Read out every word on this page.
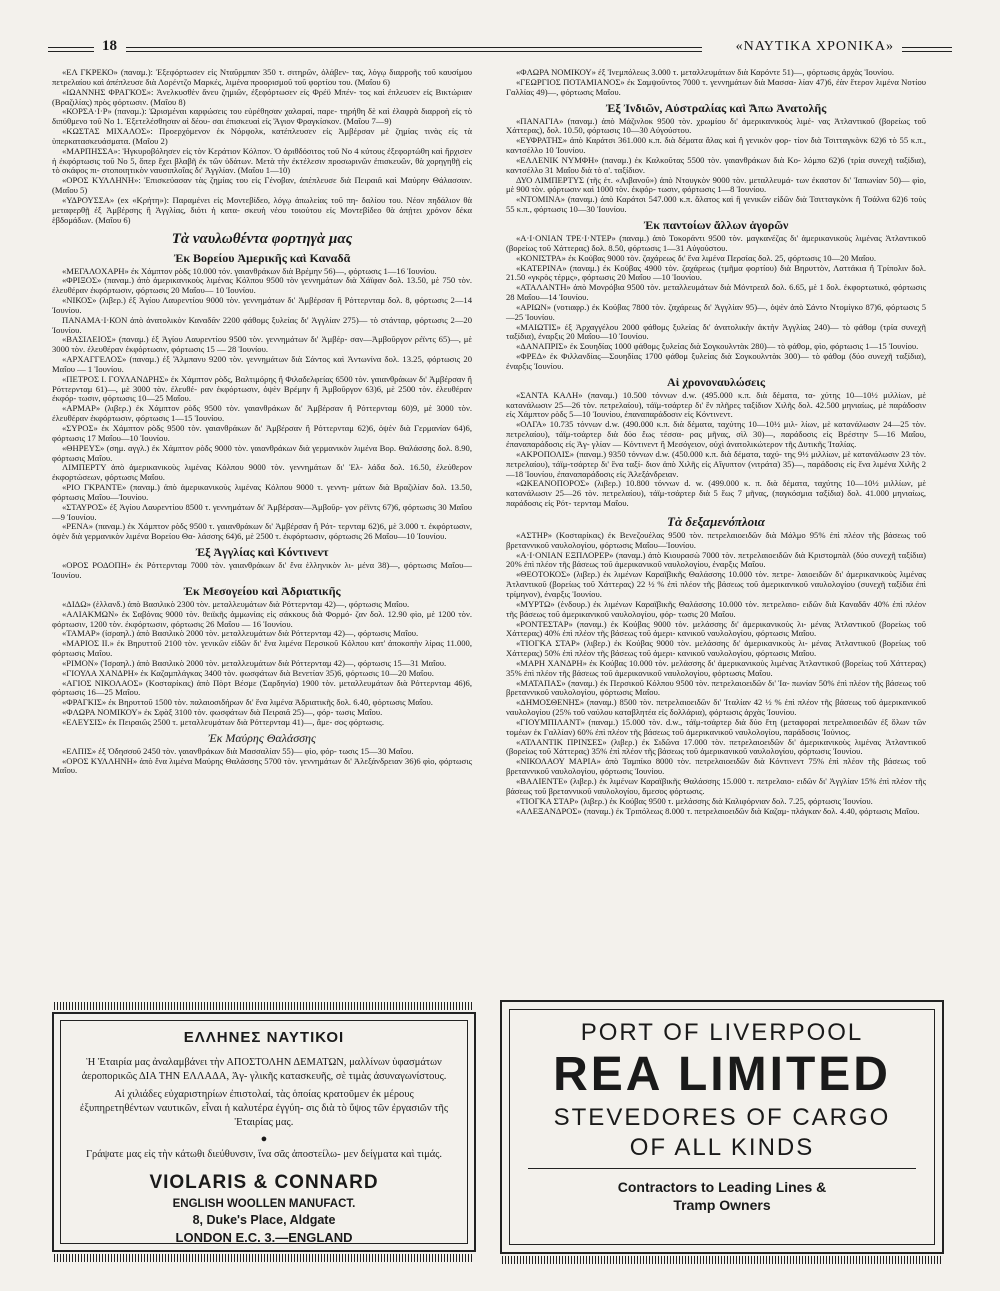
18	«ΝΑΥΤΙΚΑ ΧΡΟΝΙΚΑ»

«ΕΛ ΓΚΡΕΚΟ» (παναμ.): Ἐξεφόρτωσεν εἰς Νταῦρμπαν 350 τ. σιτηρῶν, ὁλάβεν- τας, λόγῳ διαρροῆς τοῦ καυσίμου πετρελαίου καὶ ἀπέπλευσε διὰ Λορέντζο Μαρκές, λιμένα προορισμοῦ τοῦ φορτίου του. (Μαΐου 6)

«ΙΩΑΝΝΗΣ ΦΡΑΓΚΟΣ»: Ἀνελκυσθὲν ἄνευ ζημιῶν, ἐξεφόρτωσεν εἰς Φρέϋ Μπέν- τος καὶ ἐπλευσεν εἰς Βικτώριαν (Βραζιλίας) πρὸς φόρτωσιν. (Μαΐου 8)

«ΚΟΡΣΑ·Ι·Ρ» (παναμ.): Ὡρισμέναι καρφώσεις του εὑρέθησαν χαλαραί, παρε- τηρήθη δὲ καὶ ἐλαφρὰ διαρροὴ εἰς τὸ διπύθμενο τοῦ Νο 1. Ἐξετελέσθησαν αἱ δέου- σαι ἐπισκευαὶ εἰς Ἅγιον Φραγκίσκον. (Μαΐου 7—9)

«ΚΩΣΤΑΣ ΜΙΧΑΛΟΣ»: Προερχόμενον ἐκ Νόρφολκ, κατέπλευσεν εἰς Ἀμβέρσαν μὲ ζημίας τινὰς εἰς τὰ ὑπερκατασκευάσματα. (Μαΐου 2)

«ΜΑΡΠΗΣΣΑ»: Ἠγκυροβόλησεν εἰς τὸν Κεράτιον Κόλπον. Ὁ ἀριθδόσιτος τοῦ Νο 4 κύτους ἐξεφορτώθη καὶ ἤρχισεν ἡ ἐκφόρτωσις τοῦ Νο 5, ὅπερ ἔχει βλαβῆ ἐκ τῶν ὑδάτων. Μετὰ τὴν ἐκτέλεσιν προσωρινῶν ἐπισκευῶν, θὰ χορηγηθῇ εἰς τὸ σκάφος πι- στοποιητικὸν ναυσιπλοΐας δι' Ἀγγλίαν. (Μαΐου 1—10)

«ΟΡΟΣ ΚΥΛΛΗΝΗ»: Ἐπισκεύασαν τὰς ζημίας του εἰς Γένοβαν, ἀπέπλευσε διὰ Πειραιᾶ καὶ Μαύρην Θάλασσαν. (Μαΐου 5)

«ΥΔΡΟΥΣΣΑ» (ex «Κρήτη»): Παραμένει εἰς Μοντεβίδεο, λόγῳ ἀπωλείας τοῦ πη- δαλίου του. Νέον πηδάλιον θὰ μεταφερθῇ ἐξ Ἀμβέρσης ἢ Ἀγγλίας, διότι ἡ κατα- σκευὴ νέου τοιούτου εἰς Μοντεβίδεο θὰ ἀπῄτει χρόνον δέκα ἑβδομάδων. (Μαΐου 6)

Τὰ ναυλωθέντα φορτηγὰ μας
Ἐκ Βορείου Ἀμερικῆς καὶ Καναδᾶ

«ΜΕΓΑΛΟΧΑΡΗ» ἐκ Χάμπτον ρὸδς 10.000 τόν. γαιανθράκων διὰ Βρέμην 56)—, φόρτωσις 1—16 Ἰουνίου.

«ΦΡΙΞΟΣ» (παναμ.) ἀπὸ ἀμερικανικοὺς λιμένας Κόλπου 9500 τὸν γεννημάτων διὰ Χάϊφαν δολ. 13.50, μὲ 750 τὸν. ἐλευθέραν ἐκφόρτωσιν, φόρτωσις 20 Μαΐου— 10 Ἰουνίου.

«ΝΙΚΟΣ» (λιβερ.) ἐξ Ἁγίου Λαυρεντίου 9000 τὸν. γεννημάτων δι' Ἀμβέρσαν ἢ Ρόττερνταμ δολ. 8, φόρτωσις 2—14 Ἰουνίου.

ΠΑΝΑΜΑ·Ι·ΚΟΝ ἀπὸ ἀνατολικὸν Καναδᾶν 2200 φάθομς ξυλείας δι' Ἀγγλίαν 275)— τὸ στάνταρ, φόρτωσις 2—20 Ἰουνίου.

«ΒΑΣΙΛΕΙΟΣ» (παναμ.) ἐξ Ἁγίου Λαυρεντίου 9500 τὸν. γεννημάτων δι' Ἀμβέρ- σαν—Ἀμβοῦργον ρέϊντς 65)—, μὲ 3000 τὸν. ἐλευθέραν ἐκφόρτωσιν, φόρτωσις 15 — 28 Ἰουνίου.

«ΑΡΧΑΓΓΕΛΟΣ» (παναμ.) ἐξ Ἅλμπανυ 9200 τὸν. γεννημάτων διὰ Σάντος καὶ Ἀντωνίνα δολ. 13.25, φόρτωσις 20 Μαΐου — 1 Ἰουνίου.

«ΠΕΤΡΟΣ Ι. ΓΟΥΛΑΝΔΡΗΣ» ἐκ Χάμπτον ρὸδς, Βαλτιμόρης ἢ Φιλαδελφείας 6500 τὸν. γαιανθράκων δι' Ἀμβέρσαν ἢ Ρόττερνταμ 61)—, μὲ 3000 τὸν. ἐλευθέ- ραν ἐκφόρτωσιν, ὀψὲν Βρέμην ἢ Ἀμβοῦργον 63)6, μὲ 2500 τὸν. ἐλευθέραν ἐκφόρ- τωσιν, φόρτωσις 10—25 Μαΐου.

«ΑΡΜΑΡ» (λιβερ.) ἐκ Χάμπτον ρὸδς 9500 τὸν. γαιανθράκων δι' Ἀμβέρσαν ἢ Ρόττερνταμ 60)9, μὲ 3000 τὸν. ἐλευθέραν ἐκφόρτωσιν, φόρτωσις 1—15 Ἰουνίου.

«ΣΥΡΟΣ» ἐκ Χάμπτον ρὸδς 9500 τὸν. γαιανθράκων δι' Ἀμβέρσαν ἢ Ρόττερνταμ 62)6, ὀψὲν διὰ Γερμανίαν 64)6, φόρτωσις 17 Μαΐου—10 Ἰουνίου.

«ΘΗΡΕΥΣ» (σημ. αγγλ.) ἐκ Χάμπτον ρὸδς 9000 τὸν. γαιανθράκων διὰ γερμανικὸν λιμένα Βορ. Θαλάσσης δολ. 8.90, φόρτωσις Μαΐου.

ΛΙΜΠΕΡΤΥ ἀπὸ ἀμερικανικοὺς λιμένας Κόλπου 9000 τὸν. γεννημάτων δι' Ἑλ- λάδα δολ. 16.50, ἐλεύθερον ἐκφορτώσεων, φόρτωσις Μαΐου.

«ΡΙΟ ΓΚΡΑΝΤΕ» (παναμ.) ἀπὸ ἀμερικανικοὺς λιμένας Κόλπου 9000 τ. γεννη- μάτων διὰ Βραζιλίαν δολ. 13.50, φόρτωσις Μαΐου—Ἰουνίου.

«ΣΤΑΥΡΟΣ» ἐξ Ἁγίου Λαυρεντίου 8500 τ. γεννημάτων δι' Ἀμβέρσαν—Ἀμβοῦρ- γον ρέϊντς 67)6, φόρτωσις 30 Μαΐου—9 Ἰουνίου.

«ΡΕΝΑ» (παναμ.) ἐκ Χάμπτον ρὸδς 9500 τ. γαιανθράκων δι' Ἀμβέρσαν ἢ Ρότ- τερνταμ 62)6, μὲ 3.000 τ. ἐκφόρτωσιν, ὀψὲν διὰ γερμανικὸν λιμένα Βορείου Θα- λάσσης 64)6, μὲ 2500 τ. ἐκφόρτωσιν, φόρτωσις 26 Μαΐου—10 Ἰουνίου.

Ἐξ Ἀγγλίας καὶ Κόντινεντ

«ΟΡΟΣ ΡΟΔΟΠΗ» ἐκ Ρόττερνταμ 7000 τὸν. γαιανθράκων δι' ἕνα ἑλληνικὸν λι- μένα 38)—, φόρτωσις Μαΐου—Ἰουνίου.

Ἐκ Μεσογείου καὶ Ἀδριατικῆς

«ΔΙΔΩ» (ἑλλανδ.) ἀπὸ Βασιλικὸ 2300 τὸν. μεταλλευμάτων διὰ Ρόττερνταμ 42)—, φόρτωσις Μαΐου.

«ΑΛΙΑΚΜΩΝ» ἐκ Σαβόνας 9000 τὸν. θειϊκῆς ἀμμωνίας εἰς σάκκους διὰ Φορμό- ζαν δολ. 12.90 φὶο, μὲ 1200 τὸν. φόρτωσιν, 1200 τὸν. ἐκφόρτωσιν, φόρτωσις 26 Μαΐου — 16 Ἰουνίου.

«ΤΑΜΑΡ» (ἰσραηλ.) ἀπὸ Βασιλικὸ 2000 τὸν. μεταλλευμάτων διὰ Ρόττερνταμ 42)—, φόρτωσις Μαΐου.

«ΜΑΡΙΟΣ ΙΙ.» ἐκ Βηρυττοῦ 2100 τὸν. γενικῶν εἰδῶν δι' ἕνα λιμένα Περσικοῦ Κόλπου κατ' ἀποκοπὴν λίρας 11.000, φόρτωσις Μαΐου.

«ΡΙΜΟΝ» (Ἰσραηλ.) ἀπὸ Βασιλικὸ 2000 τὸν. μεταλλευμάτων διὰ Ρόττερνταμ 42)—, φόρτωσις 15—31 Μαΐου.

«ΓΙΟΥΛΑ ΧΑΝΔΡΗ» ἐκ Καζαμπλάγκας 3400 τὸν. φωσφάτων διὰ Βενετίαν 35)6, φόρτωσις 10—20 Μαΐου.

«ΑΓΙΟΣ ΝΙΚΟΛΑΟΣ» (Κοσταρίκας) ἀπὸ Πὸρτ Βέσμε (Σαρδηνία) 1900 τὸν. μεταλλευμάτων διὰ Ρόττερνταμ 46)6, φόρτωσις 16—25 Μαΐου.

«ΦΡΑΓΚΙΣ» ἐκ Βηρυττοῦ 1500 τὸν. παλαιοσιδήρων δι' ἕνα λιμένα Ἀδριατικῆς δολ. 6.40, φόρτωσις Μαΐου.

«ΦΛΩΡΑ ΝΟΜΙΚΟΥ» ἐκ Σφὰξ 3100 τὸν. φωσφάτων διὰ Πειραιᾶ 25)—, φόρ- τωσις Μαΐου.

«ΕΛΕΥΣΙΣ» ἐκ Πειραιῶς 2500 τ. μεταλλευμάτων διὰ Ρόττερνταμ 41)—, ἄμε- σος φόρτωσις.

Ἐκ Μαύρης Θαλάσσης

«ΕΛΠΙΣ» ἐξ Ὀδησσοῦ 2450 τὸν. γαιανθράκων διὰ Μασσαλίαν 55)— φὶο, φόρ- τωσις 15—30 Μαΐου.

«ΟΡΟΣ ΚΥΛΛΗΝΗ» ἀπὸ ἕνα λιμένα Μαύρης Θαλάσσης 5700 τὸν. γεννημάτων δι' Ἀλεξάνδρειαν 36)6 φὶο, φόρτωσις Μαΐου.

«ΦΛΩΡΑ ΝΟΜΙΚΟΥ» ἐξ Ἰνεμπόλεως 3.000 τ. μεταλλευμάτων διὰ Καρόντε 51)—, φόρτωσις ἀρχὰς Ἰουνίου.

«ΓΕΩΡΓΙΟΣ ΠΟΤΑΜΙΑΝΟΣ» ἐκ Σαμψοῦντος 7000 τ. γεννημάτων διὰ Μασσα- λίαν 47)6, ἐὰν ἕτερον λιμένα Νοτίου Γαλλίας 49)—, φόρτωσις Μαΐου.

Ἐξ Ἰνδιῶν, Αὐστραλίας καὶ Ἄπω Ἀνατολῆς

«ΠΑΝΑΓΙΑ» (παναμ.) ἀπὸ Μάζινλοκ 9500 τὸν. χρωμίου δι' ἀμερικανικοὺς λιμέ- νας Ἀτλαντικοῦ (βορείως τοῦ Χάττερας), δολ. 10.50, φόρτωσις 10—30 Αὐγούστου.

«ΕΥΦΡΑΤΗΣ» ἀπὸ Καράτσι 361.000 κ.π. διὰ δέματα ἅλας καὶ ἢ γενικὸν φορ- τίον διὰ Τσιτταγκὸνκ 62)6 τὸ 55 κ.π., καντσέλλο 10 Ἰουνίου.

«ΕΛΛΕΝΙΚ ΝΥΜΦΗ» (παναμ.) ἐκ Καλκοῦτας 5500 τὸν. γαιανθράκων διὰ Κο- λόμπο 62)6 (τρία συνεχῆ ταξίδια), καντσέλλο 31 Μαΐου διὰ τὸ α'. ταξίδιον.

ΔΥΟ ΛΙΜΠΕΡΤΥΣ (τῆς ἐτ. «Λιβανοῦ») ἀπὸ Ντουγκὸν 9000 τὸν. μεταλλευμά- των ἐκαστον δι' Ἰαπωνίαν 50)— φὶο, μὲ 900 τὸν. φόρτωσιν καὶ 1000 τὸν. ἐκφόρ- τωσιν, φόρτωσις 1—8 Ἰουνίου.

«ΝΤΟΜΙΝΑ» (παναμ.) ἀπὸ Καράτσι 547.000 κ.π. ἅλατος καὶ ἢ γενικῶν εἰδῶν διὰ Τσιτταγκὸνκ ἢ Τσάλνα 62)6 τοὺς 55 κ.π., φόρτωσις 10—30 Ἰουνίου.

Ἐκ παντοίων ἄλλων ἀγορῶν

«Α·Ι·ΟΝΙΑΝ ΤΡΕ·Ι·ΝΤΕΡ» (παναμ.) ἀπὸ Τοκοράντι 9500 τὸν. μαγκανέζας δι' ἀμερικανικοὺς λιμένας Ἀτλαντικοῦ (βορείως τοῦ Χάττερας) δολ. 8.50, φόρτωσις 1—31 Αὐγούστου.

«ΚΟΝΙΣΤΡΑ» ἐκ Κούβας 9000 τὸν. ζαχάρεως δι' ἕνα λιμένα Περσίας δολ. 25, φόρτωσις 10—20 Μαΐου.

«ΚΑΤΕΡΙΝΑ» (παναμ.) ἐκ Κούβας 4900 τὸν. ζαχάρεως (τμῆμα φορτίου) διὰ Βηρυττὸν, Λαττάκια ἢ Τρίπολιν δολ. 21.50 «γκρὸς τέρμς», φόρτωσις 20 Μαΐου —10 Ἰουνίου.

«ΑΤΑΛΑΝΤΗ» ἀπὸ Μονρόβια 9500 τὸν. μεταλλευμάτων διὰ Μόντρεαλ δολ. 6.65, μὲ 1 δολ. ἐκφορτωτικό, φόρτωσις 28 Μαΐου—14 Ἰουνίου.

«ΑΡΙΩΝ» (νοτιαφρ.) ἐκ Κούβας 7800 τὸν. ζαχάρεως δι' Ἀγγλίαν 95)—, ὀψὲν ἀπὸ Σάντο Ντομίγκο 87)6, φόρτωσις 5—25 Ἰουνίου.

«ΜΑΙΩΤΙΣ» ἐξ Ἀρχαγγέλου 2000 φάθομς ξυλείας δι' ἀνατολικὴν ἀκτὴν Ἀγγλίας 240)— τὸ φάθομ (τρία συνεχῆ ταξίδια), ἐναρξις 20 Μαΐου—10 Ἰουνίου.

«ΔΑΝΑΠΡΙΣ» ἐκ Σουηδίας 1000 φάθομς ξυλείας διὰ Σογκουλντὰκ 280)— τὸ φάθομ, φὶο, φόρτωσις 1—15 Ἰουνίου.

«ΦΡΕΔ» ἐκ Φιλλανδίας—Σουηδίας 1700 φάθομ ξυλείας διὰ Σογκουλντὰκ 300)— τὸ φάθομ (δύο συνεχῆ ταξίδια), ἐναρξις Ἰουνίου.

Αἱ χρονοναυλώσεις

«ΣΑΝΤΑ ΚΑΛΗ» (παναμ.) 10.500 τόννων d.w. (495.000 κ.π. διὰ δέματα, τα- χύτης 10—10½ μιλλίων, μὲ κατανάλωσιν 25—26 τὸν. πετρελαίου), τάϊμ-τσάρτερ δι' ἓν πλῆρες ταξίδιον Χιλῆς δολ. 42.500 μηνιαίως, μὲ παράδοσιν εἰς Χάμπτον ρὸδς 5—10 Ἰουνίου, ἐπαναπαράδοσιν εἰς Κόντινεντ.

«ΟΛΓΑ» 10.735 τόννων d.w. (490.000 κ.π. διὰ δέματα, ταχύτης 10—10½ μιλ- λίων, μὲ κατανάλωσιν 24—25 τὸν. πετρελαίου), τάϊμ-τσάρτερ διὰ δύο ἕως τέσσα- ρας μῆνας, σὶλ 30)—, παράδοσις εἰς Βρέστην 5—16 Μαΐου, ἐπαναπαράδοσις εἰς Ἀγ- γλίαν — Κόντινεντ ἢ Μεσόγειον, οὐχὶ ἀνατολικώτερον τῆς Δυτικῆς Ἰταλίας.

«ΑΚΡΟΠΟΛΙΣ» (παναμ.) 9350 τόννων d.w. (450.000 κ.π. διὰ δέματα, ταχύ- της 9½ μιλλίων, μὲ κατανάλωσιν 23 τὸν. πετρελαίου), τάϊμ-τσάρτερ δι' ἓνα ταξί- διον ἀπὸ Χιλῆς εἰς Αἴγυπτον (νιτράτα) 35)—, παράδοσις εἰς ἕνα λιμένα Χιλῆς 2—18 Ἰουνίου, ἐπαναπαράδοσις εἰς Ἀλεξάνδρειαν.

«ΩΚΕΑΝΟΠΟΡΟΣ» (λιβερ.) 10.800 τόννων d. w. (499.000 κ. π. διὰ δέματα, ταχύτης 10—10½ μιλλίων, μὲ κατανάλωσιν 25—26 τὸν. πετρελαίου), τάϊμ-τσάρτερ διὰ 5 ἕως 7 μῆνας, (παγκόσμια ταξίδια) δολ. 41.000 μηνιαίως, παράδοσις εἰς Ρότ- τερνταμ Μαΐου.

Τὰ δεξαμενόπλοια

«ΑΣΤΗΡ» (Κοσταρίκας) ἐκ Βενεζουέλας 9500 τὸν. πετρελαιοειδῶν διὰ Μάλμο 95% ἐπὶ πλέον τῆς βάσεως τοῦ βρεταννικοῦ ναυλολογίου, φόρτωσις Μαΐου—Ἰουνίου.

«Α·Ι·ΟΝΙΑΝ ΕΞΠΛΟΡΕΡ» (παναμ.) ἀπὸ Κιουρασὼ 7000 τὸν. πετρελαιοειδῶν διὰ Κριστομπὰλ (δύο συνεχῆ ταξίδια) 20% ἐπὶ πλέον τῆς βάσεως τοῦ ἀμερικανικοῦ ναυλολογίου, ἐναρξις Μαΐου.

«ΘΕΟΤΟΚΟΣ» (λιβερ.) ἐκ λιμένων Καραϊβικῆς Θαλάσσης 10.000 τὸν. πετρε- λαιοειδῶν δι' ἀμερικανικοὺς λιμένας Ἀτλαντικοῦ (βορείως τοῦ Χάττερας) 22 ½ % ἐπὶ πλέον τῆς βάσεως τοῦ ἀμερικανικοῦ ναυλολογίου (συνεχῆ ταξίδια ἐπὶ τρίμηνον), ἐναρξις Ἰουνίου.

«ΜΥΡΤΩ» (ἑνδουρ.) ἐκ λιμένων Καραϊβικῆς Θαλάσσης 10.000 τὸν. πετρελαιο- ειδῶν διὰ Καναδᾶν 40% ἐπὶ πλέον τῆς βάσεως τοῦ ἀμερικανικοῦ ναυλολογίου, φόρ- τωσις 20 Μαΐου.

«ΡΟΝΤΕΣΤΑΡ» (παναμ.) ἐκ Κούβας 9000 τὸν. μελάσσης δι' ἀμερικανικοὺς λι- μένας Ἀτλαντικοῦ (βορείως τοῦ Χάττερας) 40% ἐπὶ πλέον τῆς βάσεως τοῦ ἀμερι- κανικοῦ ναυλολογίου, φόρτωσις Μαΐου.

«ΤΙΟΓΚΑ ΣΤΑΡ» (λιβερ.) ἐκ Κούβας 9000 τὸν. μελάσσης δι' ἀμερικανικοὺς λι- μένας Ἀτλαντικοῦ (βορείως τοῦ Χάττερας) 50% ἐπὶ πλέον τῆς βάσεως τοῦ ἀμερι- κανικοῦ ναυλολογίου, φόρτωσις Μαΐου.

«ΜΑΡΗ ΧΑΝΔΡΗ» ἐκ Κούβας 10.000 τὸν. μελάσσης δι' ἀμερικανικοὺς λιμένας Ἀτλαντικοῦ (βορείως τοῦ Χάττερας) 35% ἐπὶ πλέον τῆς βάσεως τοῦ ἀμερικανικοῦ ναυλολογίου, φόρτωσις Μαΐου.

«ΜΑΤΑΠΑΣ» (παναμ.) ἐκ Περσικοῦ Κόλπου 9500 τὸν. πετρελαιοειδῶν δι' Ἰα- πωνίαν 50% ἐπὶ πλέον τῆς βάσεως τοῦ βρεταννικοῦ ναυλολογίου, φόρτωσις Μαΐου.

«ΔΗΜΟΣΘΕΝΗΣ» (παναμ.) 8500 τὸν. πετρελαιοειδῶν δι' Ἰταλίαν 42 ½ % ἐπὶ πλέον τῆς βάσεως τοῦ ἀμερικανικοῦ ναυλολογίου (25% τοῦ ναύλου καταβλητέα εἰς δολλάρια), φόρτωσις ἀρχὰς Ἰουνίου.

«ΓΙΟΥΜΠΙΛΑΝΤ» (παναμ.) 15.000 τὸν. d.w., τάϊμ-τσάρτερ διὰ δύο ἔτη (μεταφοραὶ πετρελαιοειδῶν ἐξ ὅλων τῶν τομέων ἐκ Γαλλίαν) 60% ἐπὶ πλέον τῆς βάσεως τοῦ ἀμερικανικοῦ ναυλολογίου, παράδοσις Ἰούνιος.

«ΑΤΛΑΝΤΙΚ ΠΡΙΝΣΕΣ» (λιβερ.) ἐκ Σιδῶνα 17.000 τὸν. πετρελαιοειδῶν δι' ἀμερικανικοὺς λιμένας Ἀτλαντικοῦ (βορείως τοῦ Χάττερας) 35% ἐπὶ πλέον τῆς βάσεως τοῦ ἀμερικανικοῦ ναυλολογίου, φόρτωσις Ἰουνίου.

«ΝΙΚΟΛΑΟΥ ΜΑΡΙΑ» ἀπὸ Ταμπίκο 8000 τὸν. πετρελαιοειδῶν διὰ Κόντινεντ 75% ἐπὶ πλέον τῆς βάσεως τοῦ βρεταννικοῦ ναυλολογίου, φόρτωσις Ἰουνίου.

«ΒΑΛΙΕΝΤΕ» (λιβερ.) ἐκ λιμένων Καραϊβικῆς Θαλάσσης 15.000 τ. πετρελαιο- ειδῶν δι' Ἀγγλίαν 15% ἐπὶ πλέον τῆς βάσεως τοῦ βρεταννικοῦ ναυλολογίου, ἄμεσος φόρτωσις.

«ΤΙΟΓΚΑ ΣΤΑΡ» (λιβερ.) ἐκ Κούβας 9500 τ. μελάσσης διὰ Καλιφόρνιαν δολ. 7.25, φόρτωσις Ἰουνίου.

«ΑΛΕΞΑΝΔΡΟΣ» (παναμ.) ἐκ Τριπόλεως 8.000 τ. πετρελαιοειδῶν διὰ Καζαμ- πλάγκαν δολ. 4.40, φόρτωσις Μαΐου.

ΕΛΛΗΝΕΣ ΝΑΥΤΙΚΟΙ
Ἡ Ἑταιρία μας ἀναλαμβάνει τὴν ΑΠΟΣΤΟΛΗΝ ΔΕΜΑΤΩΝ, μαλλίνων ὑφασμάτων ἀεροπορικῶς ΔΙΑ ΤΗΝ ΕΛΛΑΔΑ, Ἀγ- γλικῆς κατασκευῆς, σὲ τιμὰς ἀσυναγωνίστους.
Αἱ χιλιάδες εὐχαριστηρίων ἐπιστολαί, τὰς ὁποίας κρατοῦμεν ἐκ μέρους ἐξυπηρετηθέντων ναυτικῶν, εἶναι ἡ καλυτέρα ἐγγύη- σις διὰ τὸ ὕψος τῶν ἐργασιῶν τῆς Ἑταιρίας μας.
●
Γράψατε μας εἰς τὴν κάτωθι διεύθυνσιν, ἵνα σᾶς ἀποστείλω- μεν δείγματα καὶ τιμάς.
VIOLARIS & CONNARD
ENGLISH WOOLLEN MANUFACT.
8, Duke's Place, Aldgate
LONDON E.C. 3.—ENGLAND
PORT OF LIVERPOOL
REA LIMITED
STEVEDORES OF CARGO
OF ALL KINDS
Contractors to Leading Lines &
Tramp Owners
